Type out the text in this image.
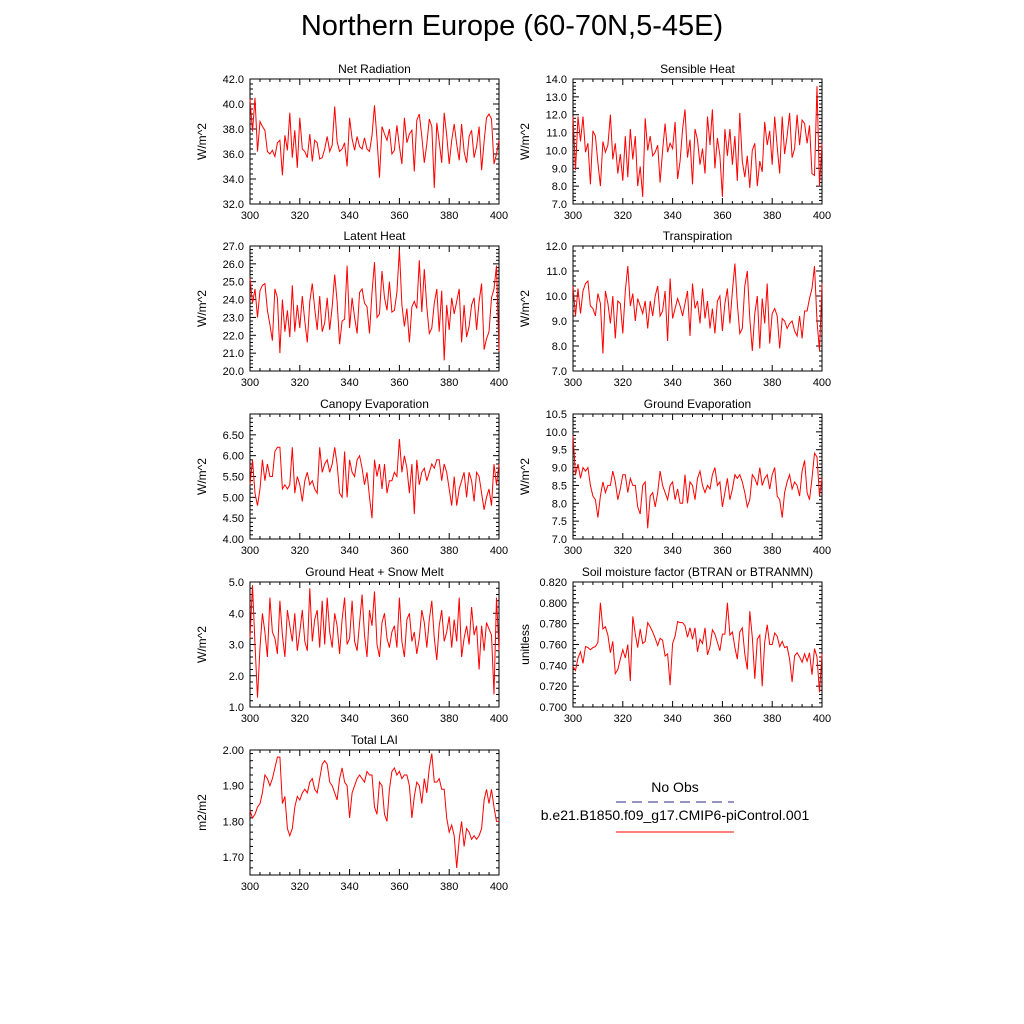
Northern Europe (60-70N,5-45E)
Net Radiation
W/m^2
300	320	340	360	380	400
32.0
34.0
36.0
38.0
40.0
42.0
Sensible Heat
W/m^2
300	320	340	360	380	400
7.0
8.0
9.0
10.0
11.0
12.0
13.0
14.0
Latent Heat
W/m^2
300	320	340	360	380	400
20.0
21.0
22.0
23.0
24.0
25.0
26.0
27.0
Transpiration
W/m^2
300	320	340	360	380	400
7.0
8.0
9.0
10.0
11.0
12.0
Canopy Evaporation
W/m^2
300	320	340	360	380	400
4.00
4.50
5.00
5.50
6.00
6.50
Ground Evaporation
W/m^2
300	320	340	360	380	400
7.0
7.5
8.0
8.5
9.0
9.5
10.0
10.5
Ground Heat + Snow Melt
W/m^2
300	320	340	360	380	400
1.0
2.0
3.0
4.0
5.0
Soil moisture factor (BTRAN or BTRANMN)
unitless
300	320	340	360	380	400
0.700
0.720
0.740
0.760
0.780
0.800
0.820
Total LAI
m2/m2
300	320	340	360	380	400
1.70
1.80
1.90
2.00
No Obs
b.e21.B1850.f09_g17.CMIP6-piControl.001
